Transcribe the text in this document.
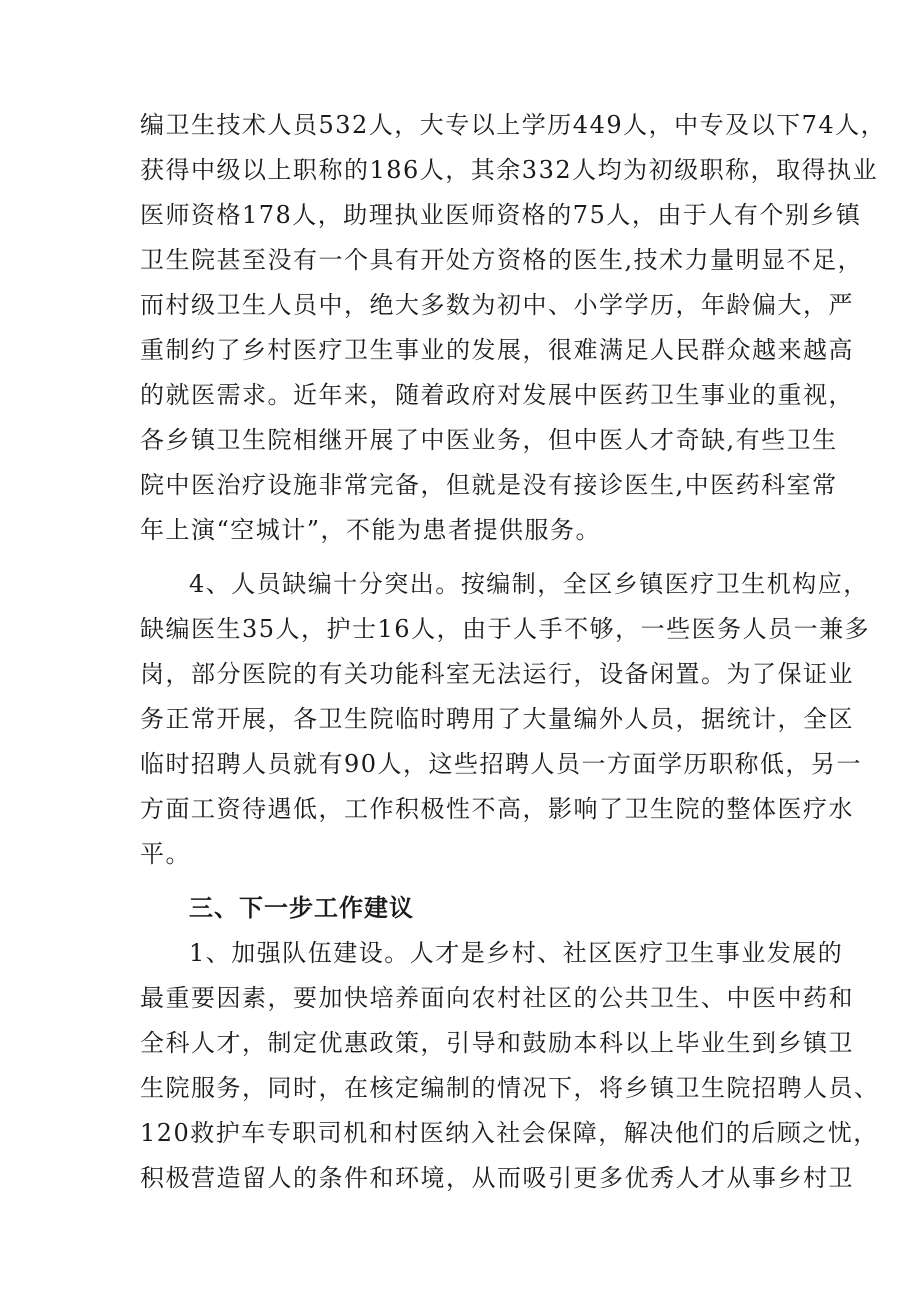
编卫生技术人员532人，大专以上学历449人，中专及以下74人，
获得中级以上职称的186人，其余332人均为初级职称，取得执业
医师资格178人，助理执业医师资格的75人，由于人有个别乡镇
卫生院甚至没有一个具有开处方资格的医生,技术力量明显不足，
而村级卫生人员中，绝大多数为初中、小学学历，年龄偏大，严
重制约了乡村医疗卫生事业的发展，很难满足人民群众越来越高
的就医需求。近年来，随着政府对发展中医药卫生事业的重视，
各乡镇卫生院相继开展了中医业务，但中医人才奇缺,有些卫生
院中医治疗设施非常完备，但就是没有接诊医生,中医药科室常
年上演“空城计”，不能为患者提供服务。
4、人员缺编十分突出。按编制，全区乡镇医疗卫生机构应，
缺编医生35人，护士16人，由于人手不够，一些医务人员一兼多
岗，部分医院的有关功能科室无法运行，设备闲置。为了保证业
务正常开展，各卫生院临时聘用了大量编外人员，据统计，全区
临时招聘人员就有90人，这些招聘人员一方面学历职称低，另一
方面工资待遇低，工作积极性不高，影响了卫生院的整体医疗水
平。
三、下一步工作建议
1、加强队伍建设。人才是乡村、社区医疗卫生事业发展的
最重要因素，要加快培养面向农村社区的公共卫生、中医中药和
全科人才，制定优惠政策，引导和鼓励本科以上毕业生到乡镇卫
生院服务，同时，在核定编制的情况下，将乡镇卫生院招聘人员、
120救护车专职司机和村医纳入社会保障，解决他们的后顾之忧，
积极营造留人的条件和环境，从而吸引更多优秀人才从事乡村卫
